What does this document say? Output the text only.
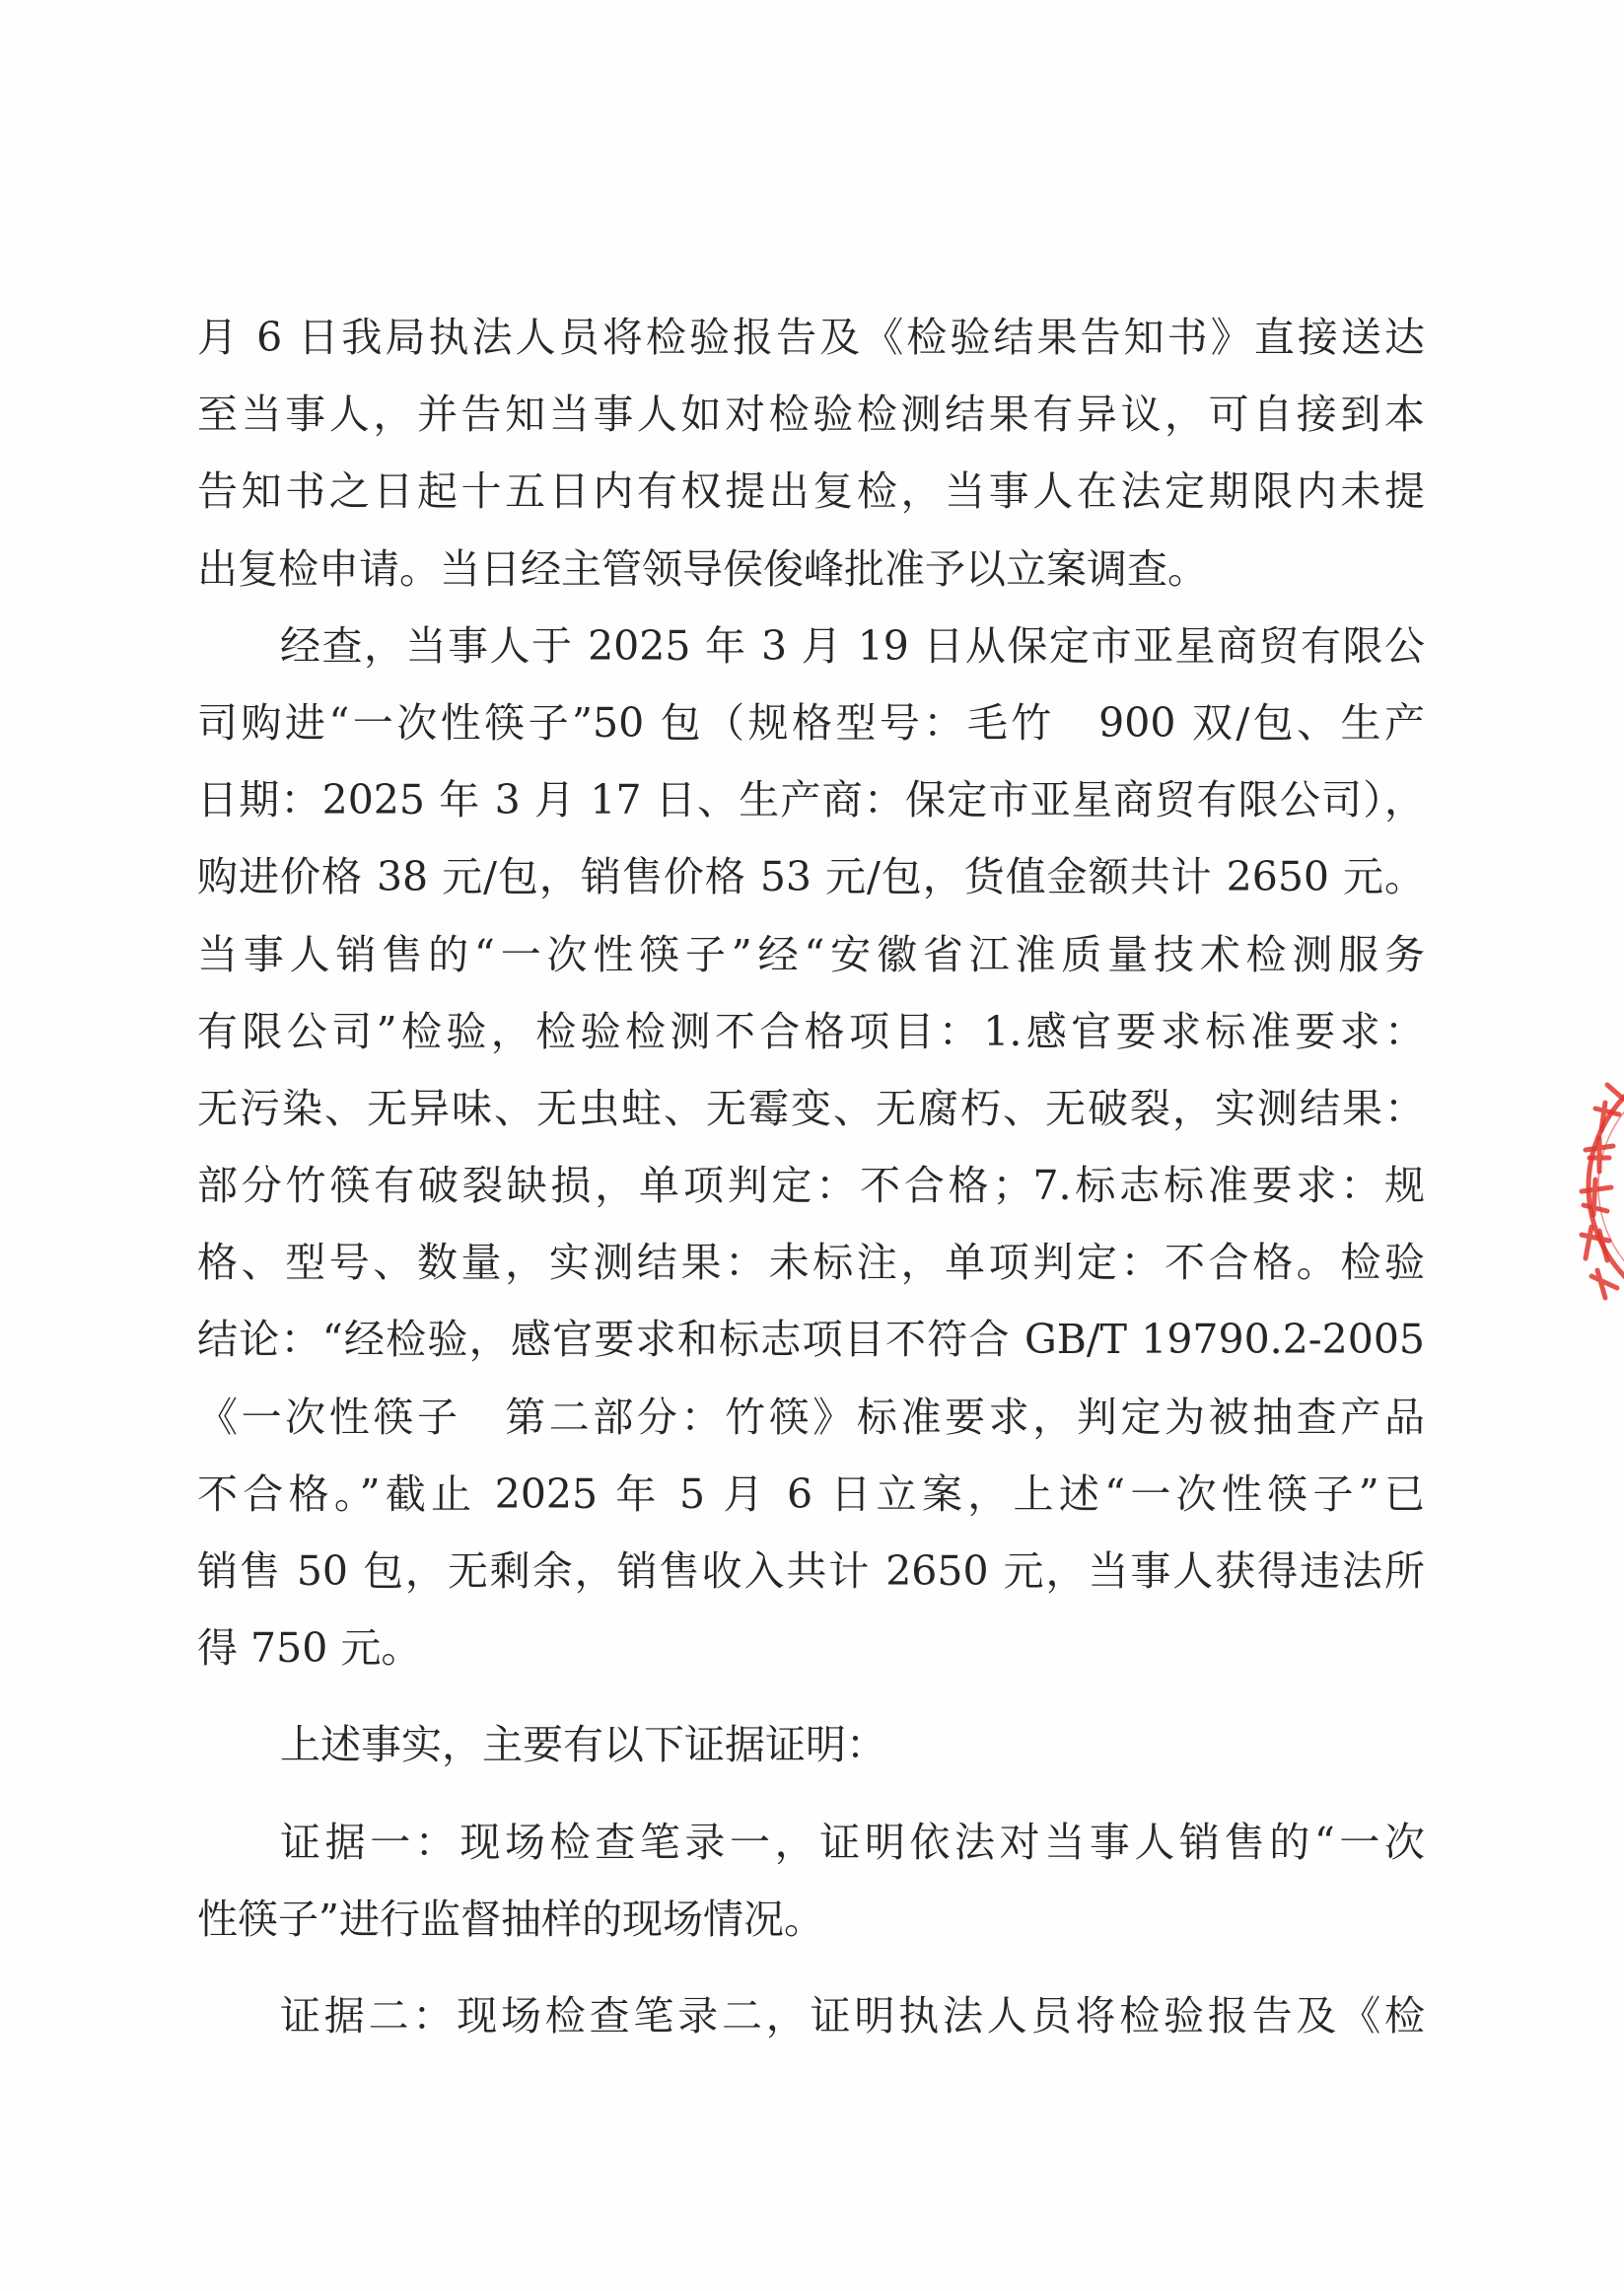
月 6 日我局执法人员将检验报告及《检验结果告知书》直接送达
至当事人，并告知当事人如对检验检测结果有异议，可自接到本
告知书之日起十五日内有权提出复检，当事人在法定期限内未提
出复检申请。当日经主管领导侯俊峰批准予以立案调查。
经查，当事人于 2025 年 3 月 19 日从保定市亚星商贸有限公
司购进“一次性筷子”50 包（规格型号：毛竹　900 双/包、生产
日期：2025 年 3 月 17 日、生产商：保定市亚星商贸有限公司），
购进价格 38 元/包，销售价格 53 元/包，货值金额共计 2650 元。
当事人销售的“一次性筷子”经“安徽省江淮质量技术检测服务
有限公司”检验，检验检测不合格项目：1.感官要求标准要求：
无污染、无异味、无虫蛀、无霉变、无腐朽、无破裂，实测结果：
部分竹筷有破裂缺损，单项判定：不合格；7.标志标准要求：规
格、型号、数量，实测结果：未标注，单项判定：不合格。检验
结论：“经检验，感官要求和标志项目不符合 GB/T 19790.2-2005
《一次性筷子　第二部分：竹筷》标准要求，判定为被抽查产品
不合格。”截止 2025 年 5 月 6 日立案，上述“一次性筷子”已
销售 50 包，无剩余，销售收入共计 2650 元，当事人获得违法所
得 750 元。
上述事实，主要有以下证据证明：
证据一：现场检查笔录一，证明依法对当事人销售的“一次
性筷子”进行监督抽样的现场情况。
证据二：现场检查笔录二，证明执法人员将检验报告及《检
